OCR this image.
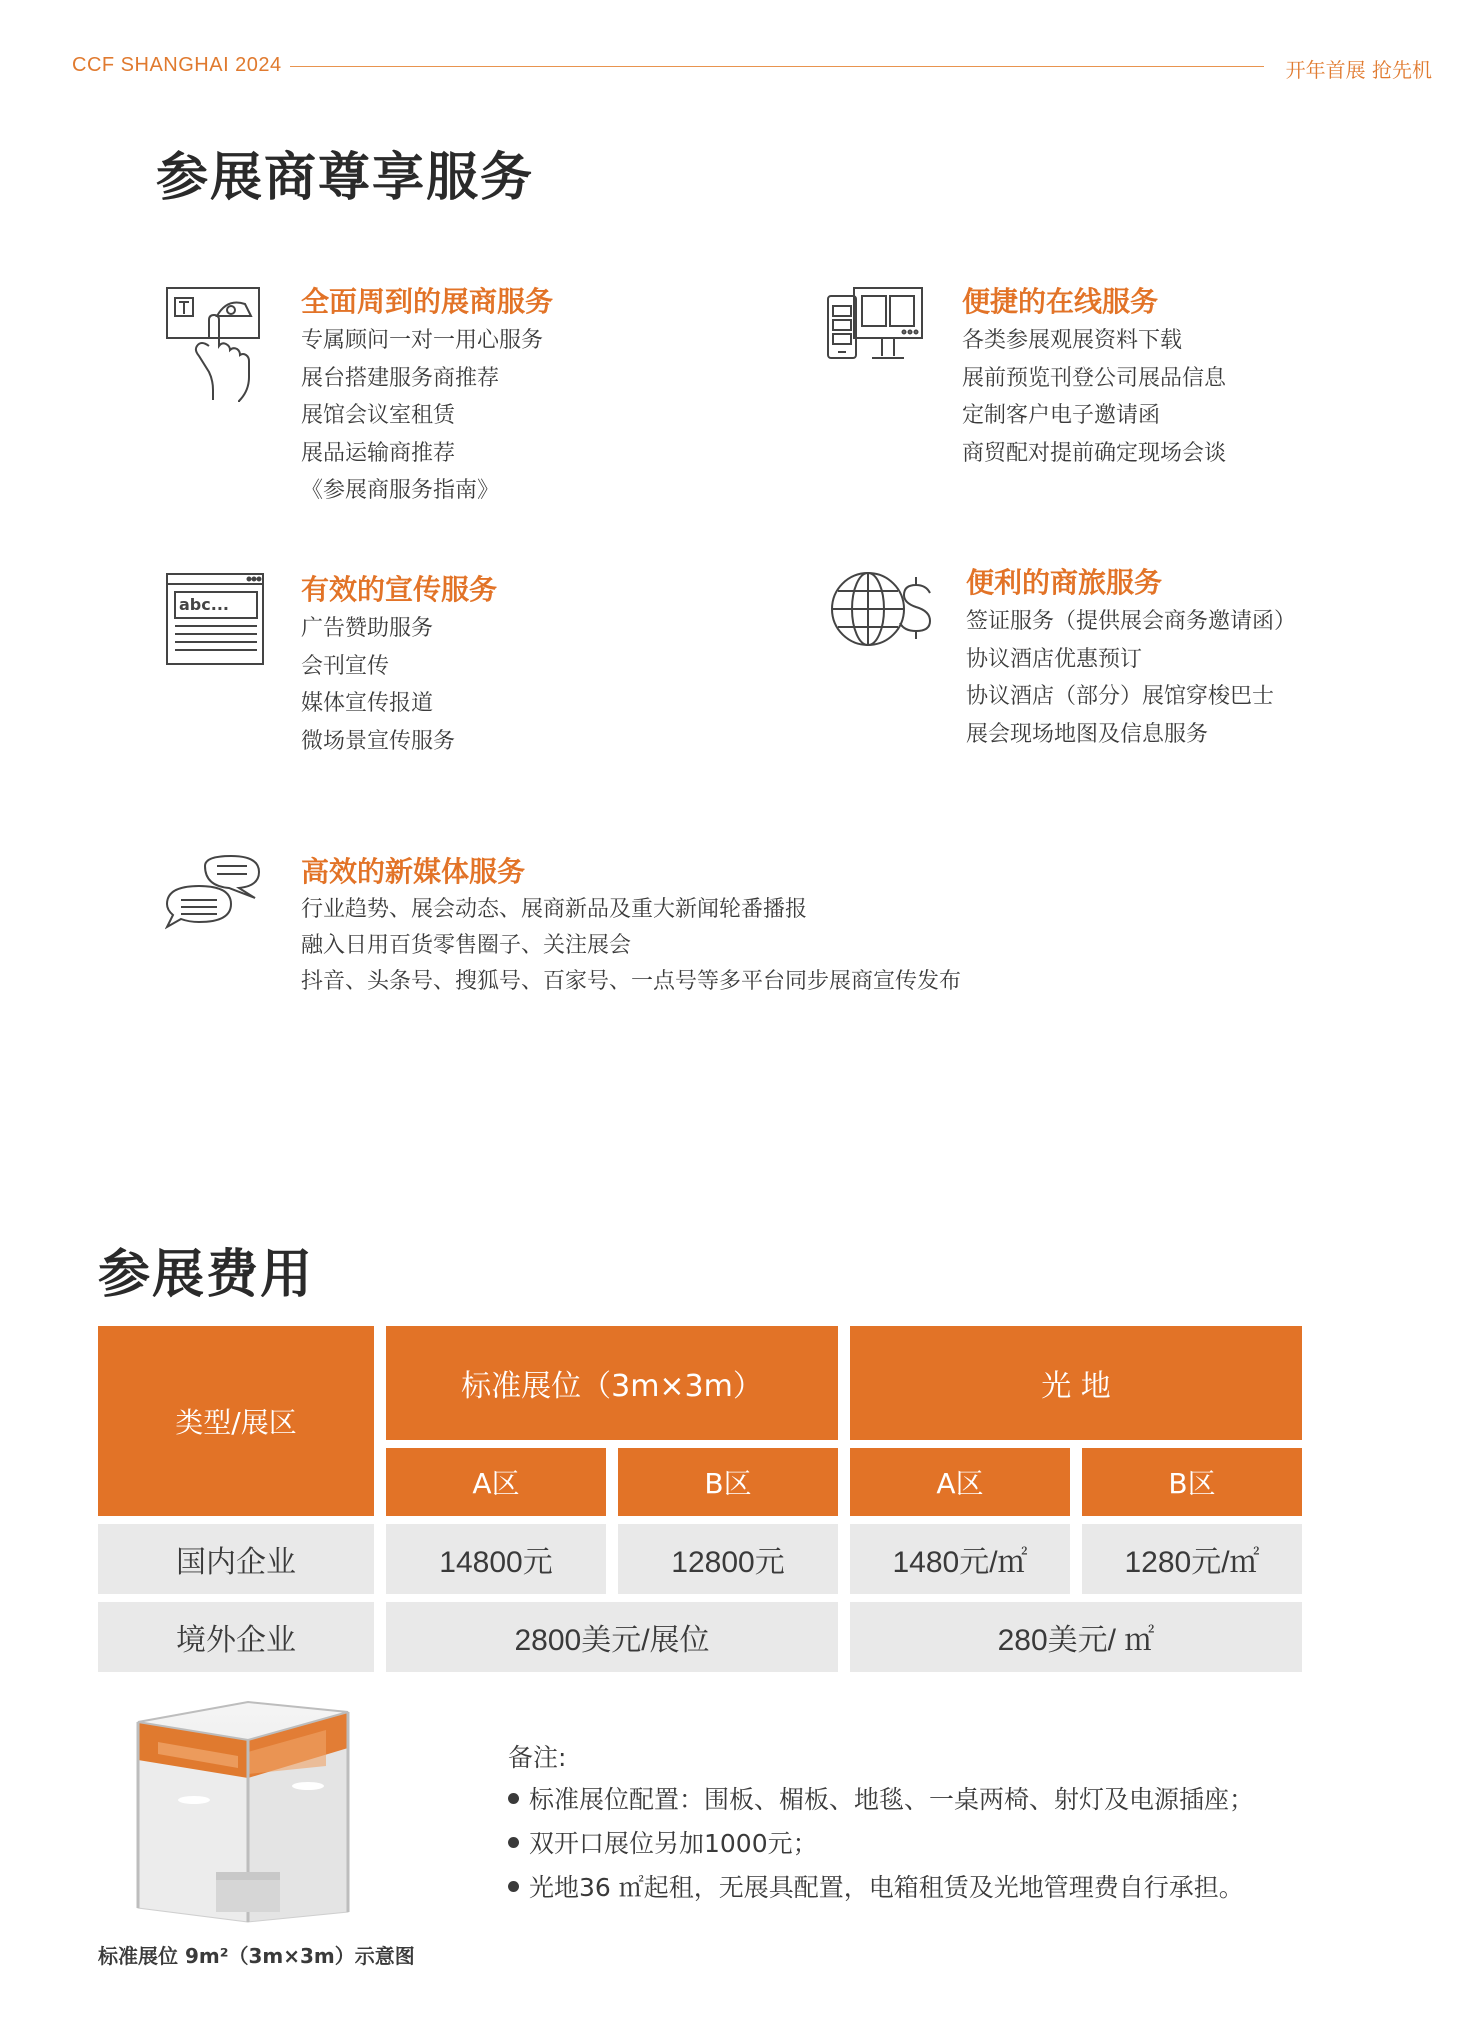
CCF SHANGHAI 2024	开年首展 抢先机
参展商尊享服务
全面周到的展商服务
专属顾问一对一用心服务
展台搭建服务商推荐
展馆会议室租赁
展品运输商推荐
《参展商服务指南》
便捷的在线服务
各类参展观展资料下载
展前预览刊登公司展品信息
定制客户电子邀请函
商贸配对提前确定现场会谈
abc...	有效的宣传服务
广告赞助服务
会刊宣传
媒体宣传报道
微场景宣传服务
便利的商旅服务
签证服务（提供展会商务邀请函）
协议酒店优惠预订
协议酒店（部分）展馆穿梭巴士
展会现场地图及信息服务
高效的新媒体服务
行业趋势、展会动态、展商新品及重大新闻轮番播报
融入日用百货零售圈子、关注展会
抖音、头条号、搜狐号、百家号、一点号等多平台同步展商宣传发布
参展费用
类型/展区	标准展位（3m×3m）		光 地	
	A区	B区	A区	B区
国内企业	14800元	12800元	1480元/㎡	1280元/㎡
境外企业	2800美元/展位		280美元/ ㎡	
标准展位 9m²（3m×3m）示意图
备注:
标准展位配置：围板、楣板、地毯、一桌两椅、射灯及电源插座；
双开口展位另加1000元；
光地36 ㎡起租，无展具配置，电箱租赁及光地管理费自行承担。
